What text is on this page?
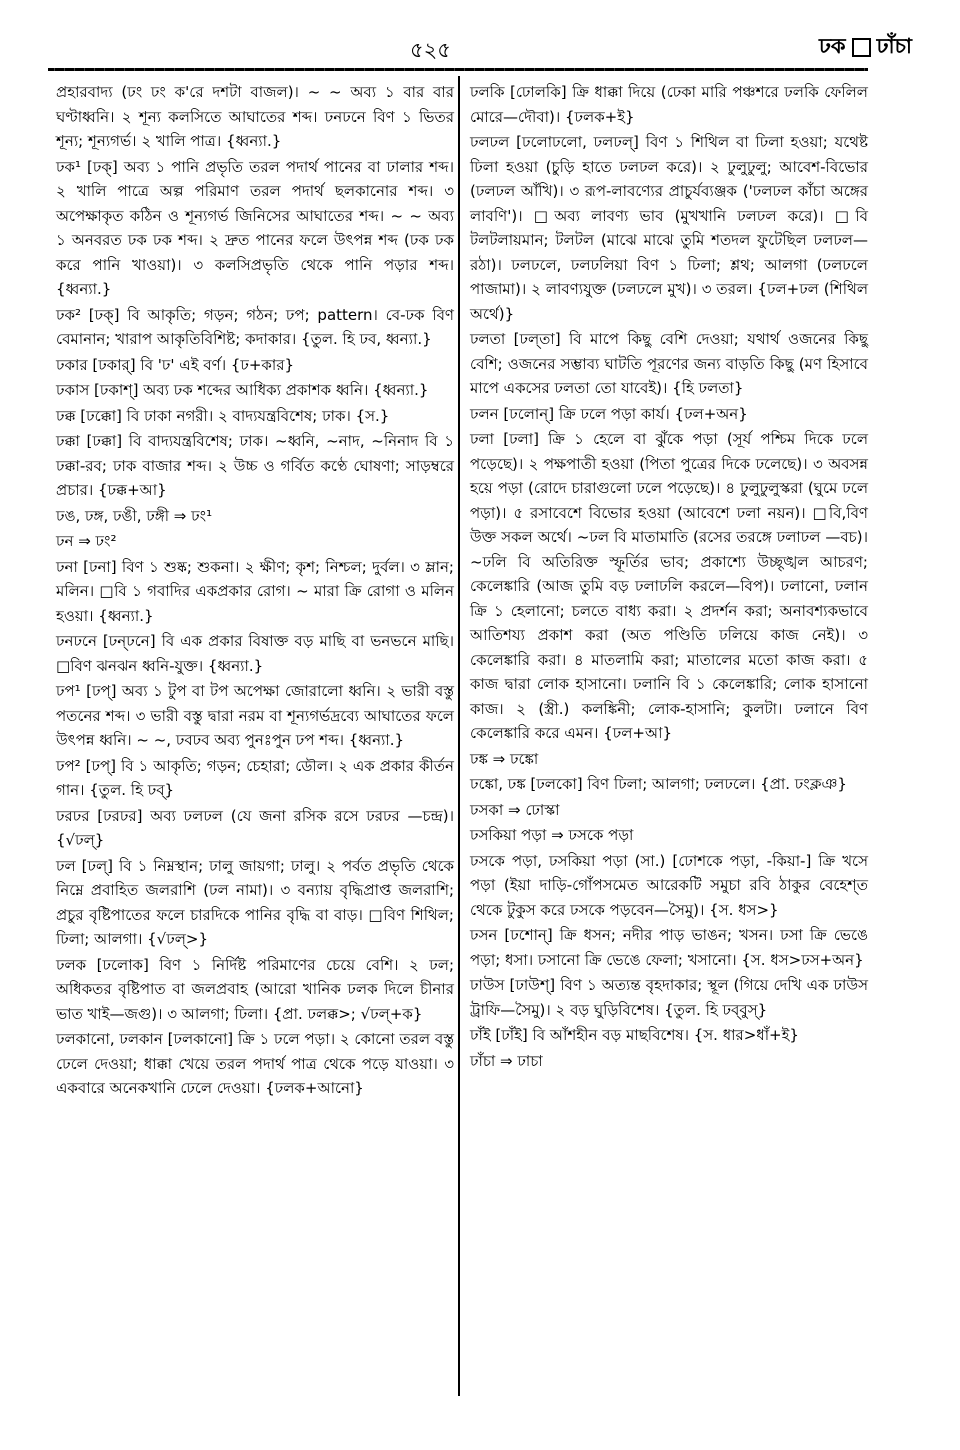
৫২৫	ঢক ঢাঁচা

প্রহারবাদ্য (ঢং ঢং ক'রে দশটা বাজল)। ~ ~ অব্য ১ বার বার ঘণ্টাধ্বনি। ২ শূন্য কলসিতে আঘাতের শব্দ। ঢনঢনে বিণ ১ ভিতর শূন্য; শূন্যগর্ভ। ২ খালি পাত্র। {ধ্বন্যা.}

ঢক¹ [ঢক্] অব্য ১ পানি প্রভৃতি তরল পদার্থ পানের বা ঢালার শব্দ। ২ খালি পাত্রে অল্প পরিমাণ তরল পদার্থ ছলকানোর শব্দ। ৩ অপেক্ষাকৃত কঠিন ও শূন্যগর্ভ জিনিসের আঘাতের শব্দ। ~ ~ অব্য ১ অনবরত ঢক ঢক শব্দ। ২ দ্রুত পানের ফলে উৎপন্ন শব্দ (ঢক ঢক করে পানি খাওয়া)। ৩ কলসিপ্রভৃতি থেকে পানি পড়ার শব্দ। {ধ্বন্যা.}

ঢক² [ঢক্] বি আকৃতি; গড়ন; গঠন; ঢপ; pattern। বে-ঢক বিণ বেমানান; খারাপ আকৃতিবিশিষ্ট; কদাকার। {তুল. হি ঢব, ধ্বন্যা.}

ঢকার [ঢকার্] বি 'ঢ' এই বর্ণ। {ঢ+কার}

ঢকাস [ঢকাশ্] অব্য ঢক শব্দের আধিক্য প্রকাশক ধ্বনি। {ধ্বন্যা.}

ঢক্ক [ঢক্কো] বি ঢাকা নগরী। ২ বাদ্যযন্ত্রবিশেষ; ঢাক। {স.}

ঢক্কা [ঢক্কা] বি বাদ্যযন্ত্রবিশেষ; ঢাক। ~ধ্বনি, ~নাদ, ~নিনাদ বি ১ ঢক্কা-রব; ঢাক বাজার শব্দ। ২ উচ্চ ও গর্বিত কণ্ঠে ঘোষণা; সাড়ম্বরে প্রচার। {ঢক্ক+আ}

ঢঙ, ঢঙ্গ, ঢঙী, ঢঙ্গী ⇒ ঢং¹

ঢন ⇒ ঢং²

ঢনা [ঢনা] বিণ ১ শুষ্ক; শুকনা। ২ ক্ষীণ; কৃশ; নিশ্চল; দুর্বল। ৩ ম্লান; মলিন। □বি ১ গবাদির একপ্রকার রোগ। ~ মারা ক্রি রোগা ও মলিন হওয়া। {ধ্বন্যা.}

ঢনঢনে [ঢন্‌ঢনে] বি এক প্রকার বিষাক্ত বড় মাছি বা ভনভনে মাছি। □বিণ ঝনঝন ধ্বনি-যুক্ত। {ধ্বন্যা.}

ঢপ¹ [ঢপ্] অব্য ১ টুপ বা টপ অপেক্ষা জোরালো ধ্বনি। ২ ভারী বস্তু পতনের শব্দ। ৩ ভারী বস্তু দ্বারা নরম বা শূন্যগর্ভদ্রব্যে আঘাতের ফলে উৎপন্ন ধ্বনি। ~ ~, ঢবঢব অব্য পুনঃপুন ঢপ শব্দ। {ধ্বন্যা.}

ঢপ² [ঢপ্] বি ১ আকৃতি; গড়ন; চেহারা; ডৌল। ২ এক প্রকার কীর্তন গান। {তুল. হি ঢব্}

ঢরঢর [ঢরঢর] অব্য ঢলঢল (যে জনা রসিক রসে ঢরঢর —চন্দ্র)। {√ঢল্}

ঢল [ঢল্] বি ১ নিম্নস্থান; ঢালু জায়গা; ঢালু। ২ পর্বত প্রভৃতি থেকে নিম্নে প্রবাহিত জলরাশি (ঢল নামা)। ৩ বন্যায় বৃদ্ধিপ্রাপ্ত জলরাশি; প্রচুর বৃষ্টিপাতের ফলে চারদিকে পানির বৃদ্ধি বা বাড়। □বিণ শিথিল; ঢিলা; আলগা। {√ঢল্>}

ঢলক [ঢলোক] বিণ ১ নির্দিষ্ট পরিমাণের চেয়ে বেশি। ২ ঢল; অধিকতর বৃষ্টিপাত বা জলপ্রবাহ (আরো খানিক ঢলক দিলে চীনার ভাত খাই—জগু)। ৩ আলগা; ঢিলা। {প্রা. ঢলক্ক>; √ঢল্+ক}

ঢলকানো, ঢলকান [ঢলকানো] ক্রি ১ ঢলে পড়া। ২ কোনো তরল বস্তু ঢেলে দেওয়া; ধাক্কা খেয়ে তরল পদার্থ পাত্র থেকে পড়ে যাওয়া। ৩ একবারে অনেকখানি ঢেলে দেওয়া। {ঢলক+আনো}

ঢলকি [ঢোলকি] ক্রি ধাক্কা দিয়ে (ঢেকা মারি পঞ্চশরে ঢলকি ফেলিল মোরে—দৌবা)। {ঢলক+ই}

ঢলঢল [ঢলোঢলো, ঢলঢল্] বিণ ১ শিথিল বা ঢিলা হওয়া; যথেষ্ট ঢিলা হওয়া (চুড়ি হাতে ঢলঢল করে)। ২ ঢুলুঢুলু; আবেশ-বিভোর (ঢলঢল আঁখি)। ৩ রূপ-লাবণ্যের প্রাচুর্যব্যঞ্জক ('ঢলঢল কাঁচা অঙ্গের লাবণি')। □অব্য লাবণ্য ভাব (মুখখানি ঢলঢল করে)। □বি টলটলায়মান; টলটল (মাঝে মাঝে তুমি শতদল ফুটেছিল ঢলঢল—রঠা)। ঢলঢলে, ঢলঢলিয়া বিণ ১ ঢিলা; শ্লথ; আলগা (ঢলঢলে পাজামা)। ২ লাবণ্যযুক্ত (ঢলঢলে মুখ)। ৩ তরল। {ঢল+ঢল (শিথিল অর্থে)}

ঢলতা [ঢল্‌তা] বি মাপে কিছু বেশি দেওয়া; যথার্থ ওজনের কিছু বেশি; ওজনের সম্ভাব্য ঘাটতি পূরণের জন্য বাড়তি কিছু (মণ হিসাবে মাপে একসের ঢলতা তো যাবেই)। {হি ঢলতা}

ঢলন [ঢলোন্] ক্রি ঢলে পড়া কার্য। {ঢল+অন}

ঢলা [ঢলা] ক্রি ১ হেলে বা ঝুঁকে পড়া (সূর্য পশ্চিম দিকে ঢলে পড়েছে)। ২ পক্ষপাতী হওয়া (পিতা পুত্রের দিকে ঢলেছে)। ৩ অবসন্ন হয়ে পড়া (রোদে চারাগুলো ঢলে পড়েছে)। ৪ ঢুলুঢুলুস্করা (ঘুমে ঢলে পড়া)। ৫ রসাবেশে বিভোর হওয়া (আবেশে ঢলা নয়ন)। □বি,বিণ উক্ত সকল অর্থে। ~ঢল বি মাতামাতি (রসের তরঙ্গে ঢলাঢল —বচ)। ~ঢলি বি অতিরিক্ত স্ফূর্তির ভাব; প্রকাশ্যে উচ্ছৃঙ্খল আচরণ; কেলেঙ্কারি (আজ তুমি বড় ঢলাঢলি করলে—বিপ)। ঢলানো, ঢলান ক্রি ১ হেলানো; চলতে বাধ্য করা। ২ প্রদর্শন করা; অনাবশ্যকভাবে আতিশয্য প্রকাশ করা (অত পণ্ডিতি ঢলিয়ে কাজ নেই)। ৩ কেলেঙ্কারি করা। ৪ মাতলামি করা; মাতালের মতো কাজ করা। ৫ কাজ দ্বারা লোক হাসানো। ঢলানি বি ১ কেলেঙ্কারি; লোক হাসানো কাজ। ২ (স্ত্রী.) কলঙ্কিনী; লোক-হাসানি; কুলটা। ঢলানে বিণ কেলেঙ্কারি করে এমন। {ঢল+আ}

ঢঙ্ক ⇒ ঢঙ্কো

ঢঙ্কো, ঢঙ্ক [ঢলকো] বিণ ঢিলা; আলগা; ঢলঢলে। {প্রা. ঢংক্লঞ}

ঢসকা ⇒ ঢোস্কা

ঢসকিয়া পড়া ⇒ ঢসকে পড়া

ঢসকে পড়া, ঢসকিয়া পড়া (সা.) [ঢোশকে পড়া, -কিয়া-] ক্রি খসে পড়া (ইয়া দাড়ি-গোঁপসমেত আরেকটি সমুচা রবি ঠাকুর বেহেশ্‌ত থেকে টুকুস করে ঢসকে পড়বেন—সৈমু)। {স. ধস>}

ঢসন [ঢশোন্] ক্রি ধসন; নদীর পাড় ভাঙন; খসন। ঢসা ক্রি ভেঙে পড়া; ধসা। ঢসানো ক্রি ভেঙে ফেলা; খসানো। {স. ধস>ঢস+অন}

ঢাউস [ঢাউশ্] বিণ ১ অত্যন্ত বৃহদাকার; স্থূল (গিয়ে দেখি এক ঢাউস ট্রাফি—সৈমু)। ২ বড় ঘুড়িবিশেষ। {তুল. হি ঢব্‌বুস্}

ঢাঁই [ঢাঁই] বি আঁশহীন বড় মাছবিশেষ। {স. ধার>ধাঁ+ই}

ঢাঁচা ⇒ ঢাচা
